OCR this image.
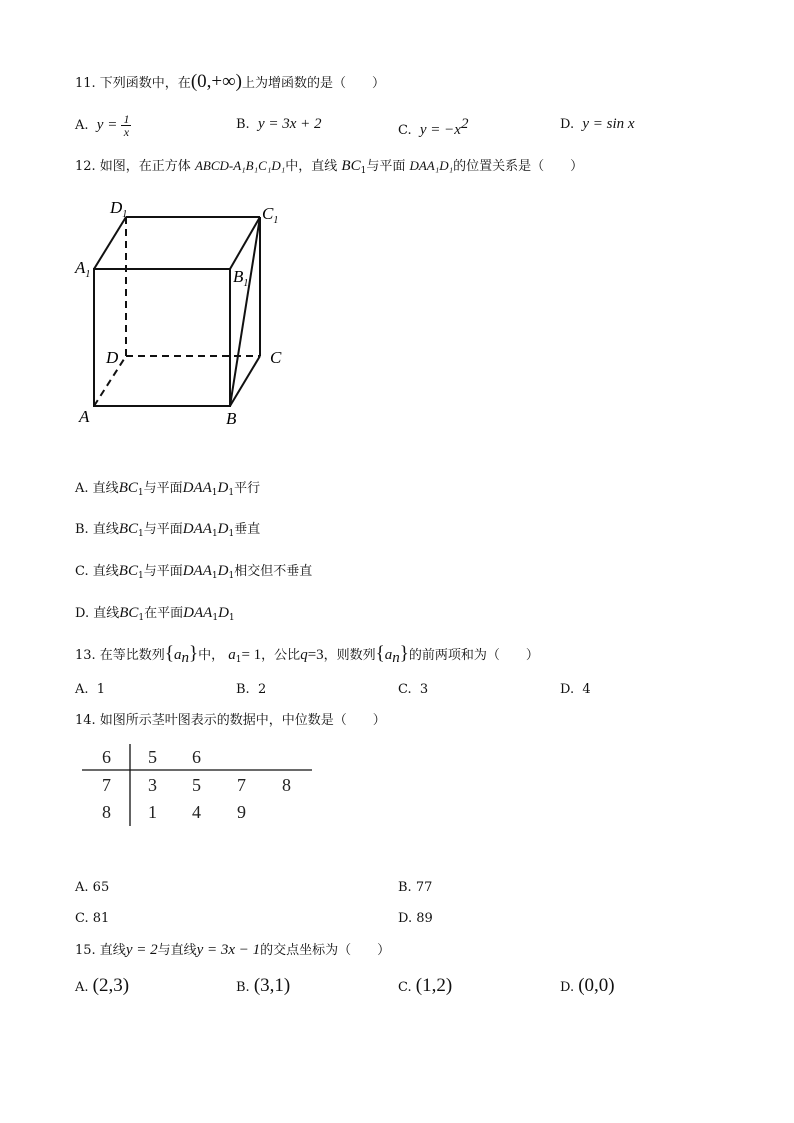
11. 下列函数中，在(0,+∞)上为增函数的是（　　）
A. $y = \frac{1}{x}$	B. y = 3x + 2	C. $y = -x^2$	D. y = sin x
12. 如图，在正方体 ABCD-A₁B₁C₁D₁中，直线 $BC_1$与平面 DAA₁D₁的位置关系是（　　）
$D_1$	$C_1$
$A_1$	$B_1$
D	C
A	B
A. 直线$BC_1$与平面$DAA_1D_1$平行
B. 直线$BC_1$与平面$DAA_1D_1$垂直
C. 直线$BC_1$与平面$DAA_1D_1$相交但不垂直
D. 直线$BC_1$在平面$DAA_1D_1$
13. 在等比数列$\{a_n\}$中， $a_1= 1$，公比q=3，则数列$\{a_n\}$的前两项和为（　　）
A. 1	B. 2	C. 3	D. 4
14. 如图所示茎叶图表示的数据中，中位数是（　　）
6 5 6
7 3 5 7 8
8 1 4 9
A. 65	B. 77
C. 81	D. 89
15. 直线y = 2与直线y = 3x − 1的交点坐标为（　　）
A. (2,3)	B. (3,1)	C. (1,2)	D. (0,0)
